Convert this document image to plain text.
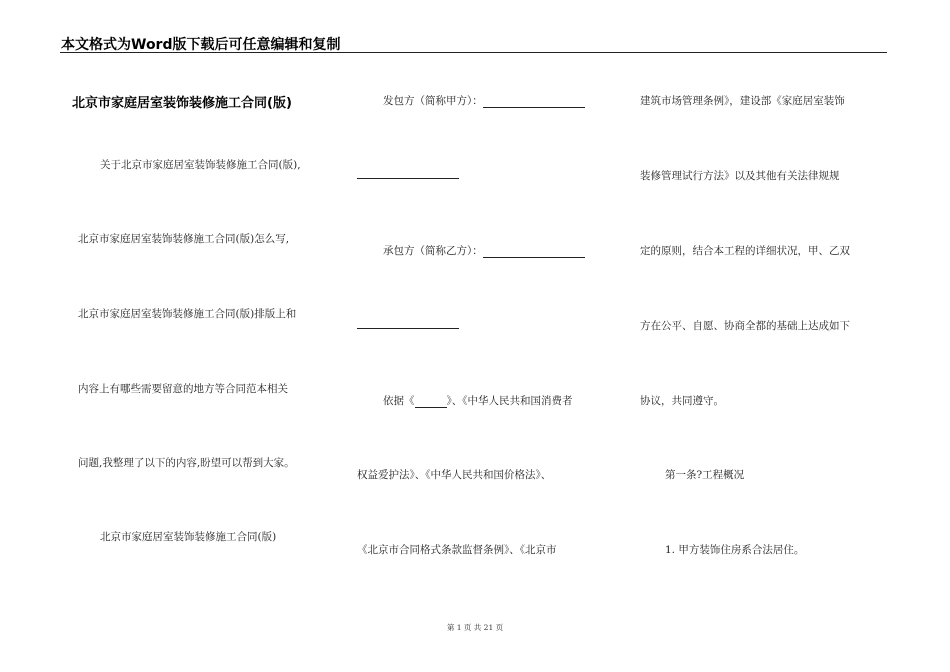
本文格式为Word版下载后可任意编辑和复制
北京市家庭居室装饰装修施工合同(版)
关于北京市家庭居室装饰装修施工合同(版),
北京市家庭居室装饰装修施工合同(版)怎么写,
北京市家庭居室装饰装修施工合同(版)排版上和
内容上有哪些需要留意的地方等合同范本相关
问题,我整理了以下的内容,盼望可以帮到大家。
北京市家庭居室装饰装修施工合同(版)
发包方（简称甲方）：
承包方（简称乙方）：
依据《	》、《中华人民共和国消费者
权益爱护法》、《中华人民共和国价格法》、
《北京市合同格式条款监督条例》、《北京市
建筑市场管理条例》，建设部《家庭居室装饰
装修管理试行方法》以及其他有关法律规规
定的原则，结合本工程的详细状况，甲、乙双
方在公平、自愿、协商全都的基础上达成如下
协议，共同遵守。
第一条?工程概况
1. 甲方装饰住房系合法居住。
第 1 页 共 21 页
